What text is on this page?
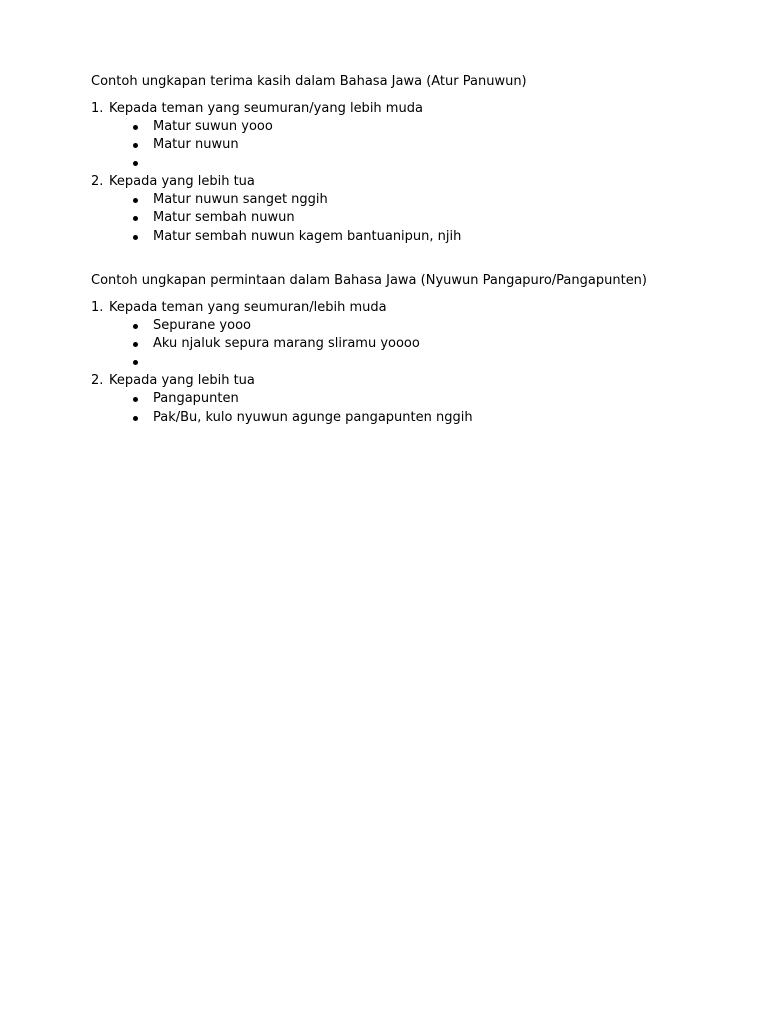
Contoh ungkapan terima kasih dalam Bahasa Jawa (Atur Panuwun)
1. Kepada teman yang seumuran/yang lebih muda
Matur suwun yooo
Matur nuwun
2. Kepada yang lebih tua
Matur nuwun sanget nggih
Matur sembah nuwun
Matur sembah nuwun kagem bantuanipun, njih
Contoh ungkapan permintaan dalam Bahasa Jawa (Nyuwun Pangapuro/Pangapunten)
1. Kepada teman yang seumuran/lebih muda
Sepurane yooo
Aku njaluk sepura marang sliramu yoooo
2. Kepada yang lebih tua
Pangapunten
Pak/Bu, kulo nyuwun agunge pangapunten nggih
